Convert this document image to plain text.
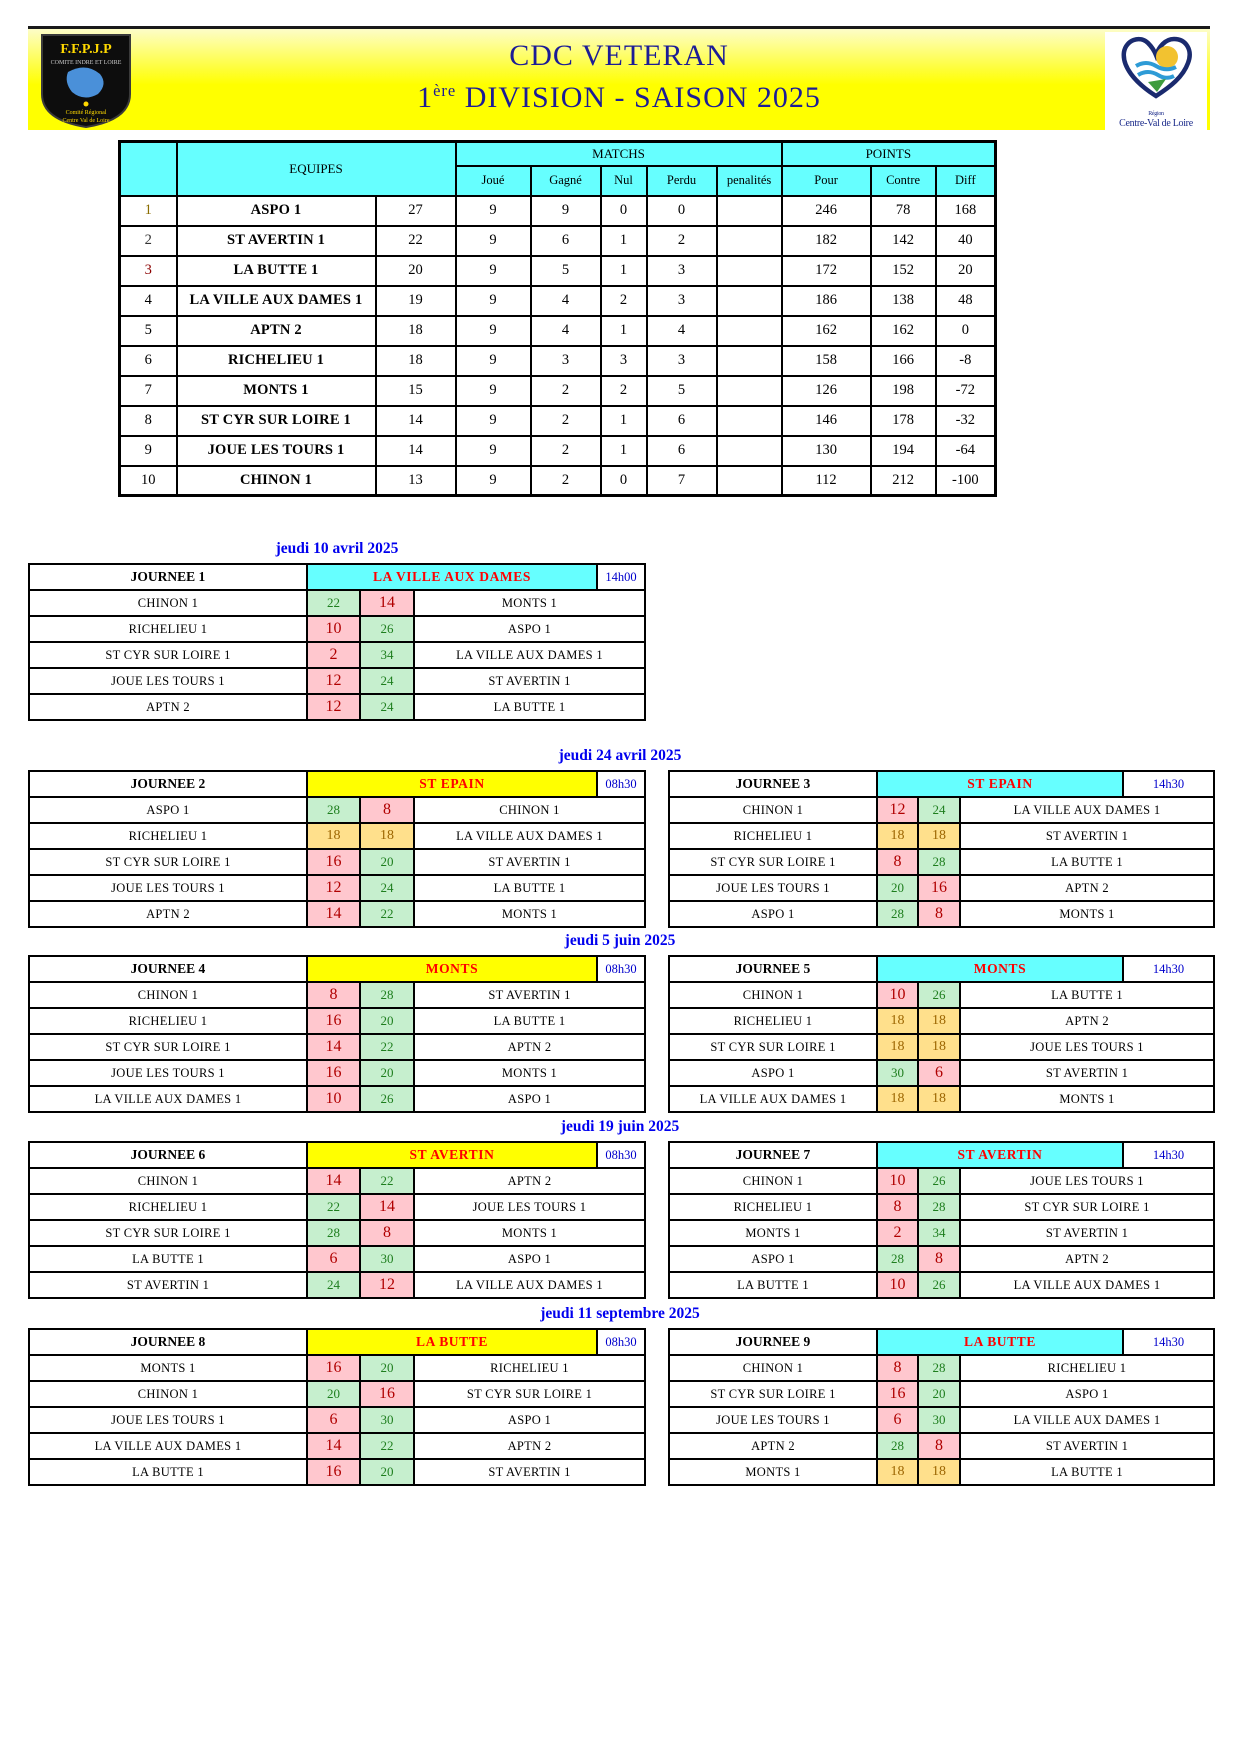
F.F.P.J.P
COMITE INDRE ET LOIRE
Comité Régional
Centre Val de Loire
CDC VETERAN
1ère DIVISION - SAISON 2025	Région
Centre-Val de Loire
	EQUIPES		MATCHS					POINTS		
			Joué	Gagné	Nul	Perdu	penalités	Pour	Contre	Diff
1	ASPO 1	27	9	9	0	0		246	78	168
2	ST AVERTIN 1	22	9	6	1	2		182	142	40
3	LA BUTTE 1	20	9	5	1	3		172	152	20
4	LA VILLE AUX DAMES 1	19	9	4	2	3		186	138	48
5	APTN 2	18	9	4	1	4		162	162	0
6	RICHELIEU 1	18	9	3	3	3		158	166	-8
7	MONTS 1	15	9	2	2	5		126	198	-72
8	ST CYR SUR LOIRE 1	14	9	2	1	6		146	178	-32
9	JOUE LES TOURS 1	14	9	2	1	6		130	194	-64
10	CHINON 1	13	9	2	0	7		112	212	-100
jeudi 10 avril 2025
JOURNEE 1	LA VILLE AUX DAMES	14h00
CHINON 1	22	14	MONTS 1
RICHELIEU 1	10	26	ASPO 1
ST CYR SUR LOIRE 1	2	34	LA VILLE AUX DAMES 1
JOUE LES TOURS 1	12	24	ST AVERTIN 1
APTN 2	12	24	LA BUTTE 1
jeudi 24 avril 2025
JOURNEE 2	ST EPAIN	08h30
ASPO 1	28	8	CHINON 1
RICHELIEU 1	18	18	LA VILLE AUX DAMES 1
ST CYR SUR LOIRE 1	16	20	ST AVERTIN 1
JOUE LES TOURS 1	12	24	LA BUTTE 1
APTN 2	14	22	MONTS 1
JOURNEE 3	ST EPAIN	14h30
CHINON 1	12	24	LA VILLE AUX DAMES 1
RICHELIEU 1	18	18	ST AVERTIN 1
ST CYR SUR LOIRE 1	8	28	LA BUTTE 1
JOUE LES TOURS 1	20	16	APTN 2
ASPO 1	28	8	MONTS 1
jeudi 5 juin 2025
JOURNEE 4	MONTS	08h30
CHINON 1	8	28	ST AVERTIN 1
RICHELIEU 1	16	20	LA BUTTE 1
ST CYR SUR LOIRE 1	14	22	APTN 2
JOUE LES TOURS 1	16	20	MONTS 1
LA VILLE AUX DAMES 1	10	26	ASPO 1
JOURNEE 5	MONTS	14h30
CHINON 1	10	26	LA BUTTE 1
RICHELIEU 1	18	18	APTN 2
ST CYR SUR LOIRE 1	18	18	JOUE LES TOURS 1
ASPO 1	30	6	ST AVERTIN 1
LA VILLE AUX DAMES 1	18	18	MONTS 1
jeudi 19 juin 2025
JOURNEE 6	ST AVERTIN	08h30
CHINON 1	14	22	APTN 2
RICHELIEU 1	22	14	JOUE LES TOURS 1
ST CYR SUR LOIRE 1	28	8	MONTS 1
LA BUTTE 1	6	30	ASPO 1
ST AVERTIN 1	24	12	LA VILLE AUX DAMES 1
JOURNEE 7	ST AVERTIN	14h30
CHINON 1	10	26	JOUE LES TOURS 1
RICHELIEU 1	8	28	ST CYR SUR LOIRE 1
MONTS 1	2	34	ST AVERTIN 1
ASPO 1	28	8	APTN 2
LA BUTTE 1	10	26	LA VILLE AUX DAMES 1
jeudi 11 septembre 2025
JOURNEE 8	LA BUTTE	08h30
MONTS 1	16	20	RICHELIEU 1
CHINON 1	20	16	ST CYR SUR LOIRE 1
JOUE LES TOURS 1	6	30	ASPO 1
LA VILLE AUX DAMES 1	14	22	APTN 2
LA BUTTE 1	16	20	ST AVERTIN 1
JOURNEE 9	LA BUTTE	14h30
CHINON 1	8	28	RICHELIEU 1
ST CYR SUR LOIRE 1	16	20	ASPO 1
JOUE LES TOURS 1	6	30	LA VILLE AUX DAMES 1
APTN 2	28	8	ST AVERTIN 1
MONTS 1	18	18	LA BUTTE 1
